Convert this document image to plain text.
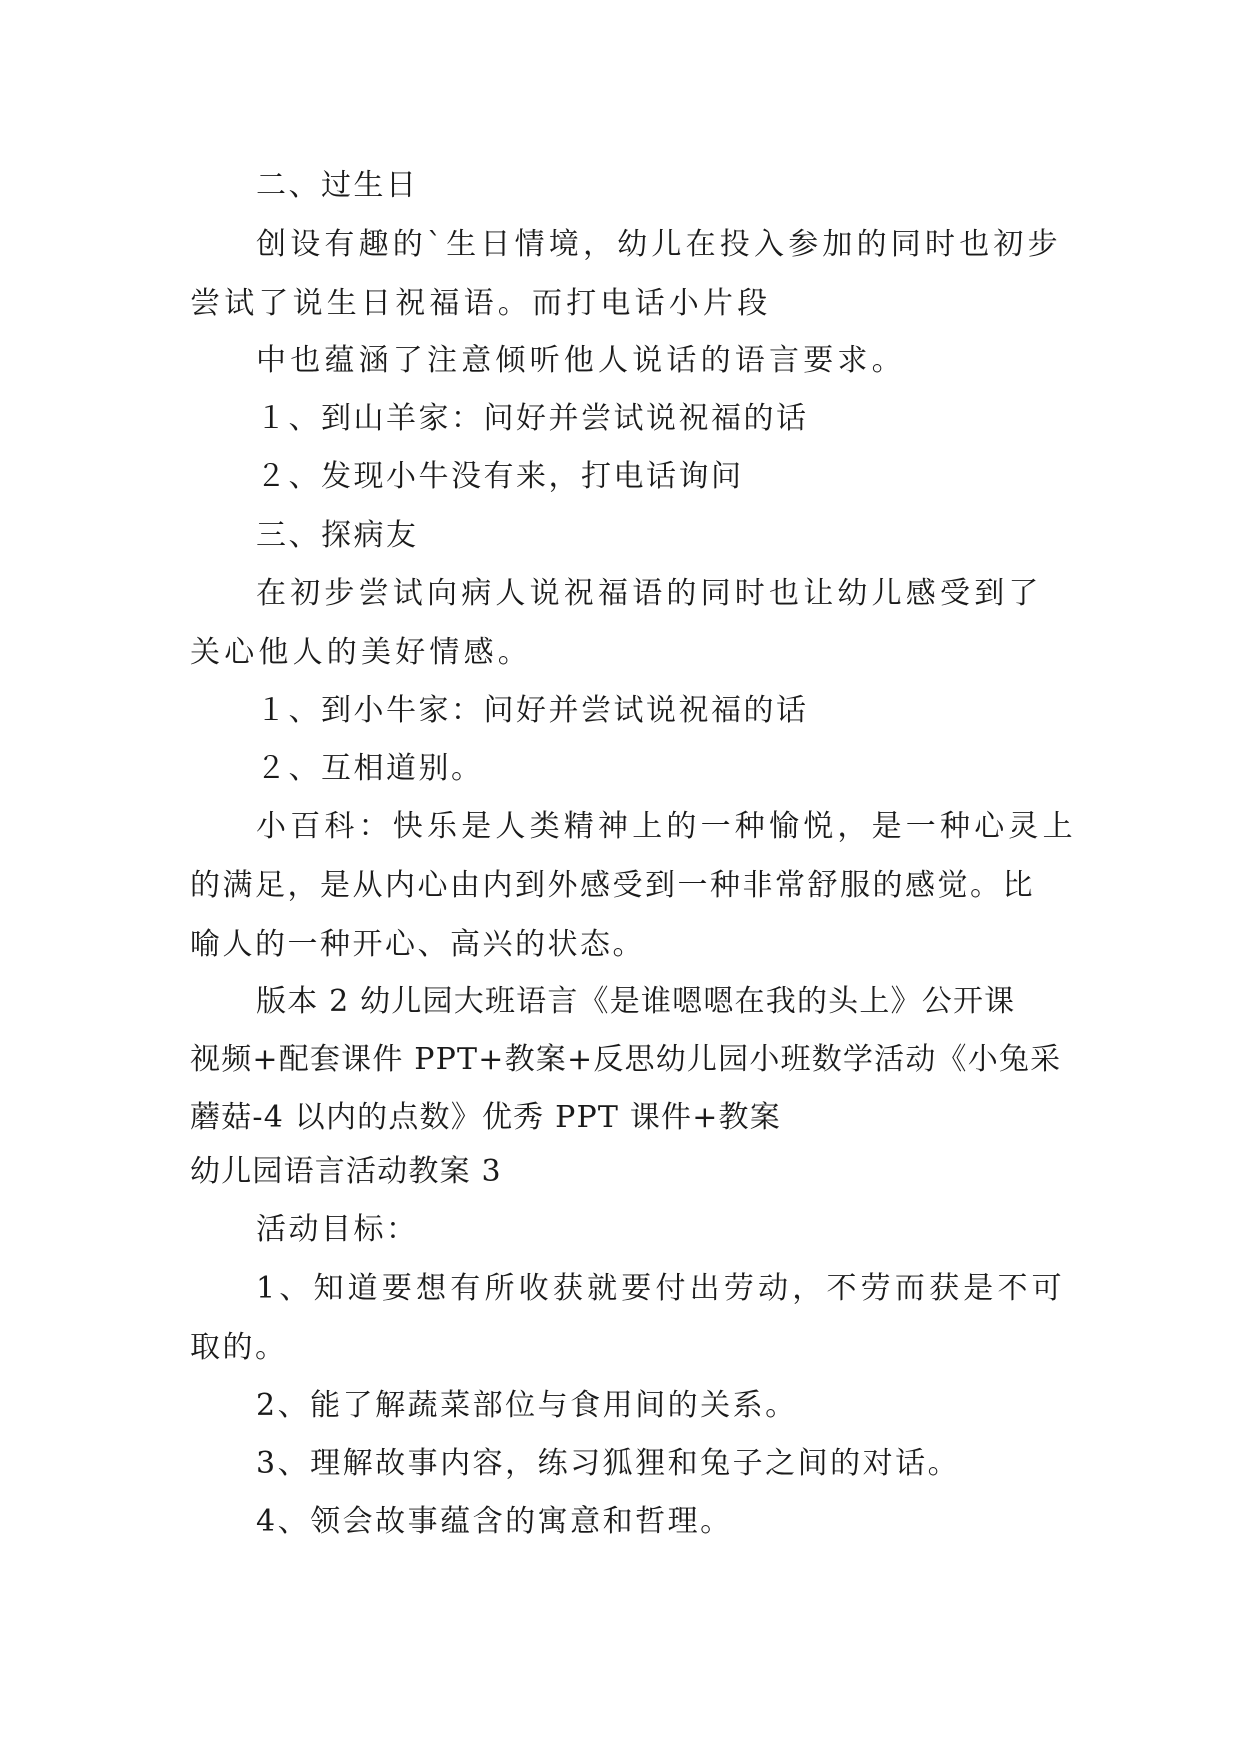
二、过生日

创设有趣的`生日情境，幼儿在投入参加的同时也初步

尝试了说生日祝福语。而打电话小片段

中也蕴涵了注意倾听他人说话的语言要求。

１、到山羊家：问好并尝试说祝福的话

２、发现小牛没有来，打电话询问

三、探病友

在初步尝试向病人说祝福语的同时也让幼儿感受到了

关心他人的美好情感。

１、到小牛家：问好并尝试说祝福的话

２、互相道别。

小百科：快乐是人类精神上的一种愉悦，是一种心灵上

的满足，是从内心由内到外感受到一种非常舒服的感觉。比

喻人的一种开心、高兴的状态。

版本 2 幼儿园大班语言《是谁嗯嗯在我的头上》公开课

视频+配套课件 PPT+教案+反思幼儿园小班数学活动《小兔采

蘑菇-4 以内的点数》优秀 PPT 课件+教案

幼儿园语言活动教案 3

活动目标：

1、知道要想有所收获就要付出劳动，不劳而获是不可

取的。

2、能了解蔬菜部位与食用间的关系。

3、理解故事内容，练习狐狸和兔子之间的对话。

4、领会故事蕴含的寓意和哲理。
